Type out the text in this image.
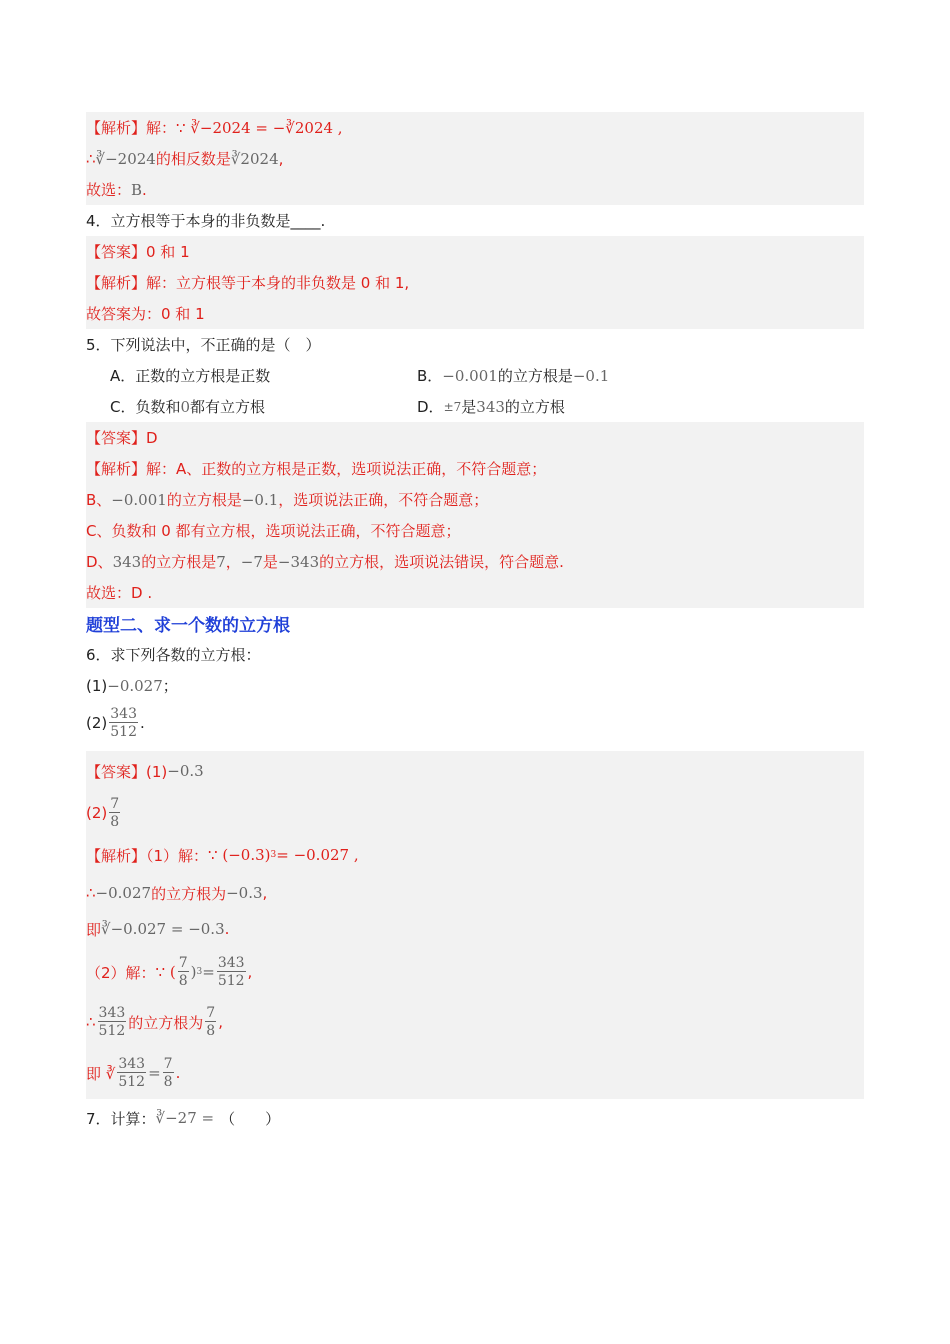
【解析】解： ∵ ∛−2024 = −∛2024 ,
∴ ∛−2024 的相反数是 ∛2024 ,
故选： B .
4．立方根等于本身的非负数是____.
【答案】0 和 1
【解析】解：立方根等于本身的非负数是 0 和 1,
故答案为：0 和 1
5．下列说法中，不正确的是（　）
A．正数的立方根是正数	B． −0.001 的立方根是 −0.1
C．负数和 0 都有立方根	D． ±7 是 343 的立方根
【答案】D
【解析】解：A、正数的立方根是正数，选项说法正确，不符合题意；
B、 −0.001 的立方根是 −0.1 ，选项说法正确，不符合题意；
C、负数和 0 都有立方根，选项说法正确，不符合题意；
D、 343 的立方根是 7 ， −7 是 −343 的立方根，选项说法错误，符合题意.
故选：D .
题型二、求一个数的立方根
6．求下列各数的立方根：
(1) −0.027 ；
$(2) \frac{343}{512}$ .
【答案】(1) −0.3
$(2) \frac{7}{8}$
【解析】（1）解： ∵ (−0.3) 3 = −0.027 ,
∴ −0.027 的立方根为 −0.3 ,
即 ∛−0.027 = −0.3 .
（2）解： ∵ ( $\frac{7}{8}$ ) $3 = \frac{343}{512}$ ,
∴ $\frac{343}{512}$ 的立方根为 $\frac{7}{8}$ ,
即 ∛ $\frac{343}{512} = \frac{7}{8}$ .
7．计算： ∛−27 = （　　）
